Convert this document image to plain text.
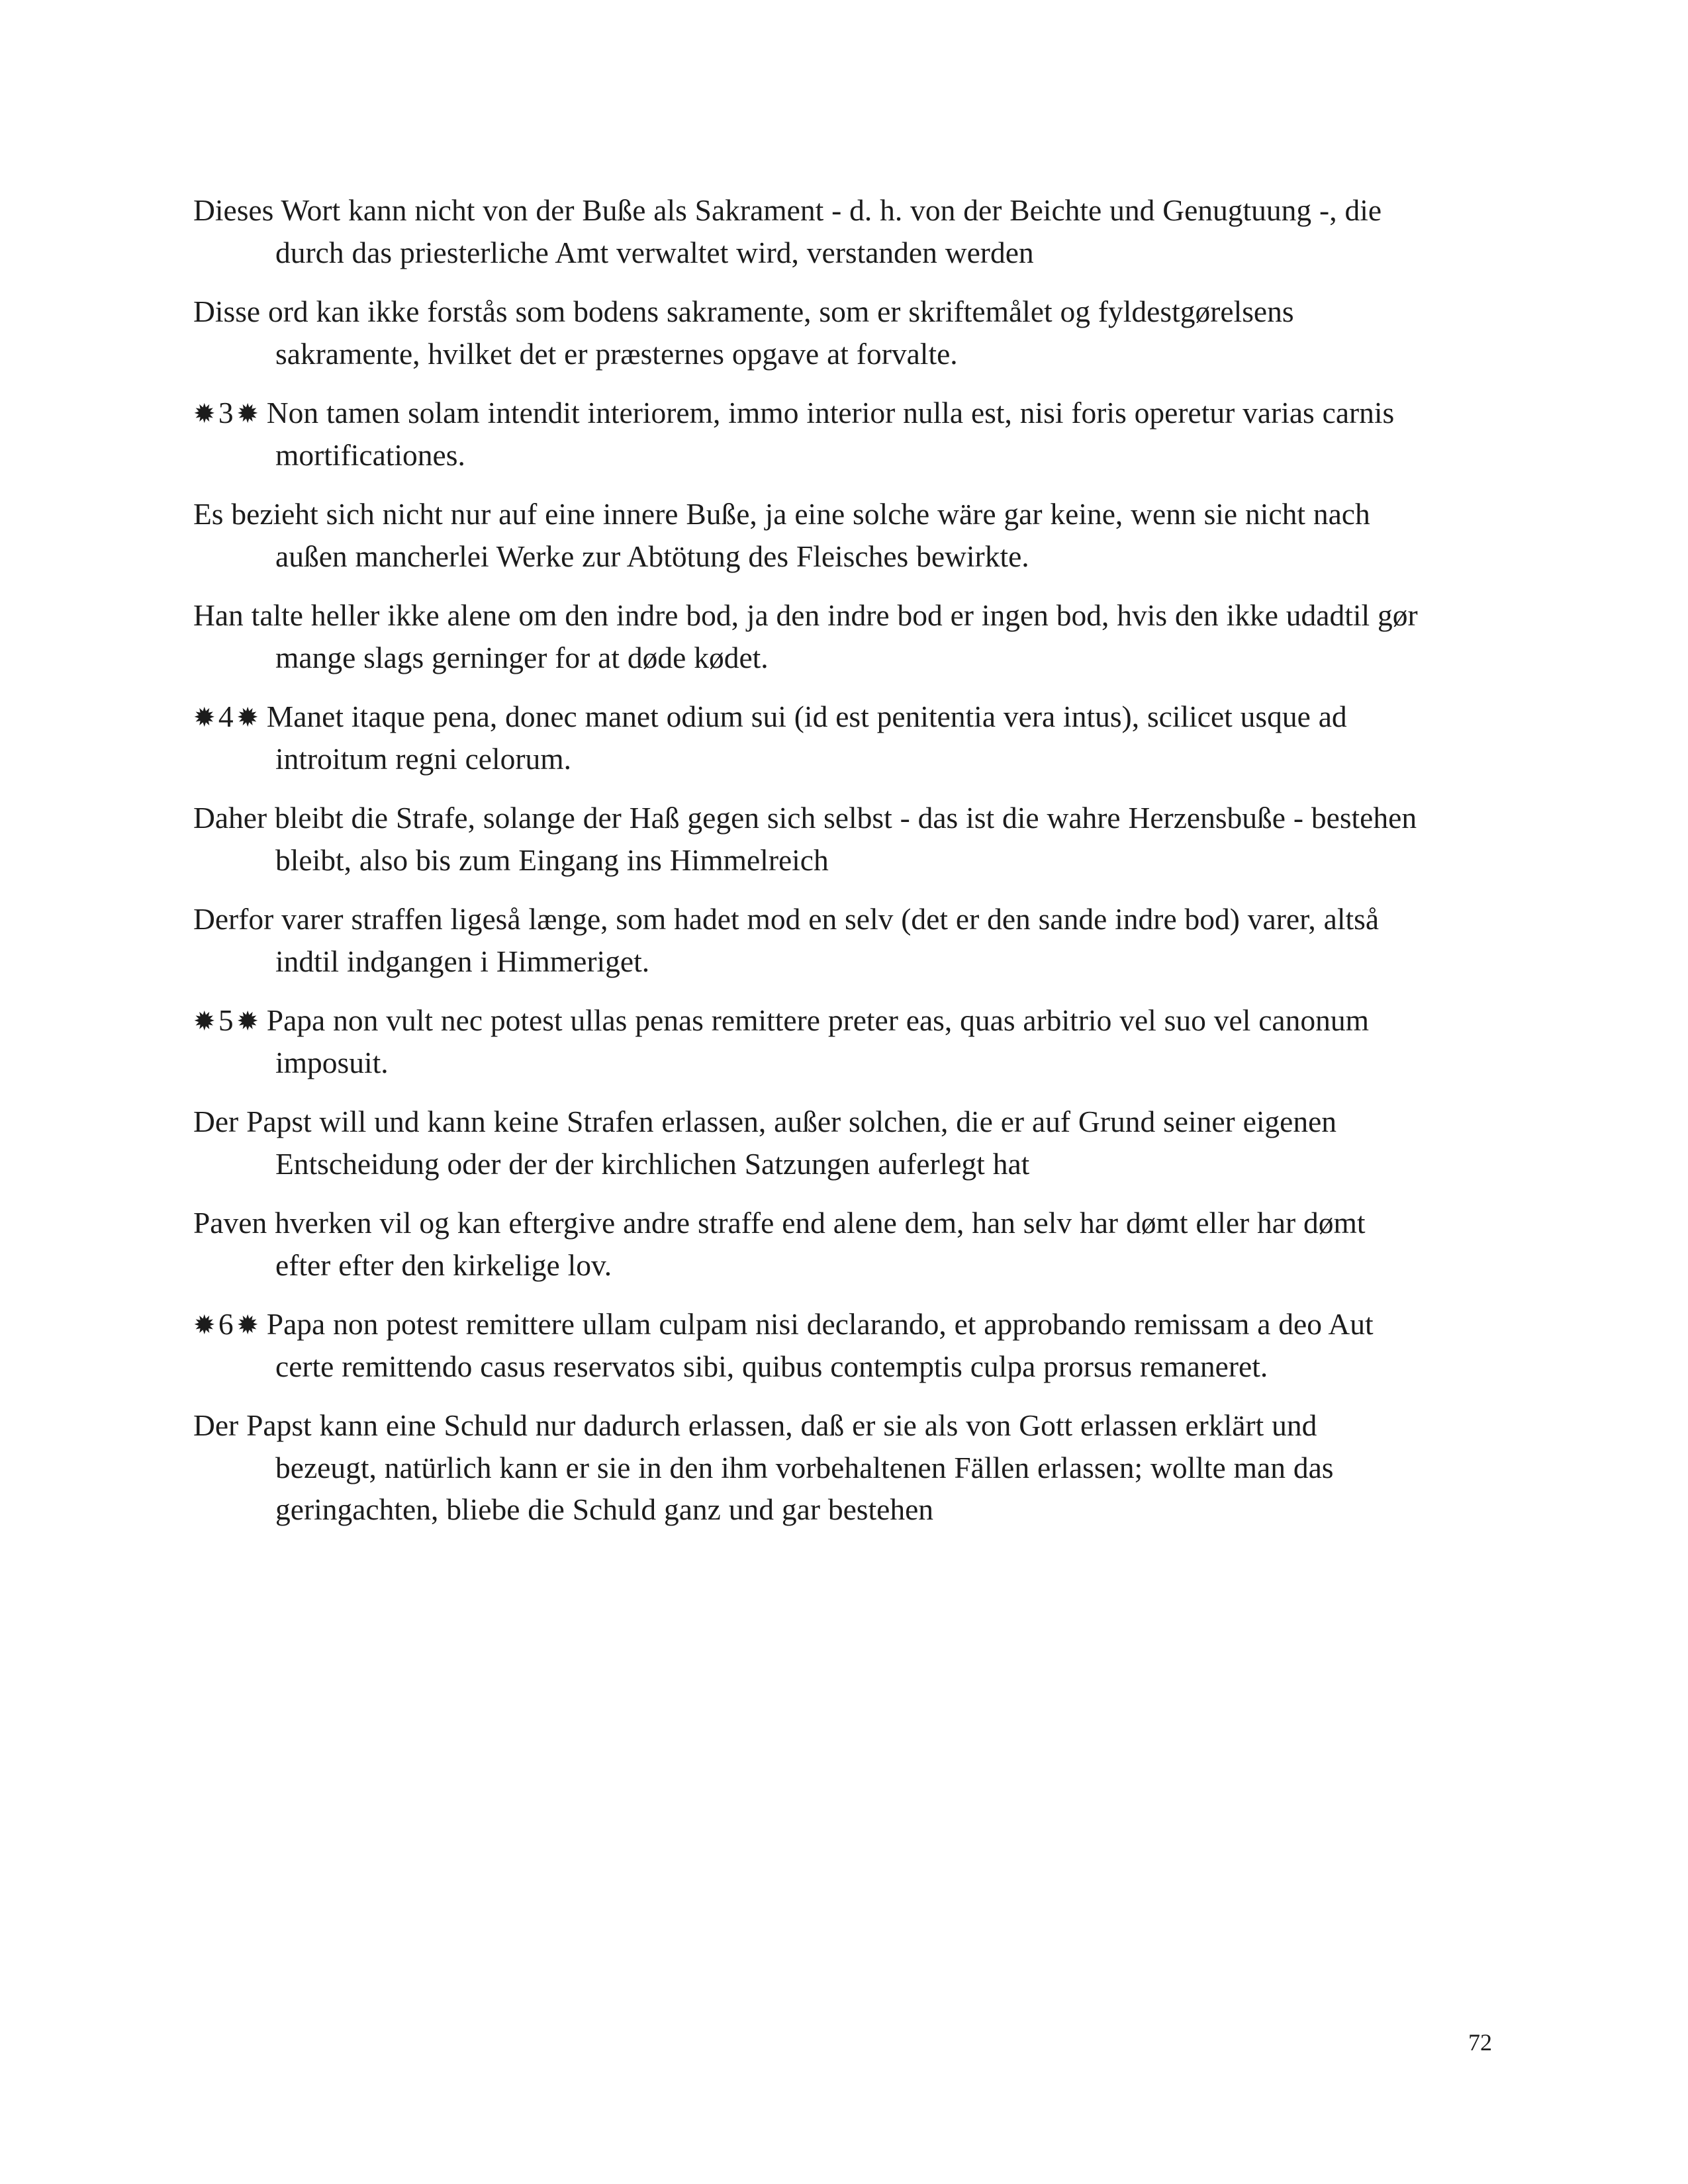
Dieses Wort kann nicht von der Buße als Sakrament - d. h. von der Beichte und Genugtuung -, die durch das priesterliche Amt verwaltet wird, verstanden werden

Disse ord kan ikke forstås som bodens sakramente, som er skriftemålet og fyldestgørelsens sakramente, hvilket det er præsternes opgave at forvalte.

✹ 3  ✹ Non tamen solam intendit interiorem, immo interior nulla est, nisi foris operetur varias carnis mortificationes.

Es bezieht sich nicht nur auf eine innere Buße, ja eine solche wäre gar keine, wenn sie nicht nach außen mancherlei Werke zur Abtötung des Fleisches bewirkte.

Han talte heller ikke alene om den indre bod, ja den indre bod er ingen bod, hvis den ikke udadtil gør mange slags gerninger for at døde kødet.

✹ 4  ✹ Manet itaque pena, donec manet odium sui (id est penitentia vera intus), scilicet usque ad introitum regni celorum.

Daher bleibt die Strafe, solange der Haß gegen sich selbst - das ist die wahre Herzensbuße - bestehen bleibt, also bis zum Eingang ins Himmelreich

Derfor varer straffen ligeså længe, som hadet mod en selv (det er den sande indre bod) varer, altså indtil indgangen i Himmeriget.

✹ 5  ✹ Papa non vult nec potest ullas penas remittere preter eas, quas arbitrio vel suo vel canonum imposuit.

Der Papst will und kann keine Strafen erlassen, außer solchen, die er auf Grund seiner eigenen Entscheidung oder der der kirchlichen Satzungen auferlegt hat

Paven hverken vil og kan eftergive andre straffe end alene dem, han selv har dømt eller har dømt efter efter den kirkelige lov.

✹ 6  ✹ Papa non potest remittere ullam culpam nisi declarando, et approbando remissam a deo Aut certe remittendo casus reservatos sibi, quibus contemptis culpa prorsus remaneret.

Der Papst kann eine Schuld nur dadurch erlassen, daß er sie als von Gott erlassen erklärt und bezeugt, natürlich kann er sie in den ihm vorbehaltenen Fällen erlassen; wollte man das geringachten, bliebe die Schuld ganz und gar bestehen

72
